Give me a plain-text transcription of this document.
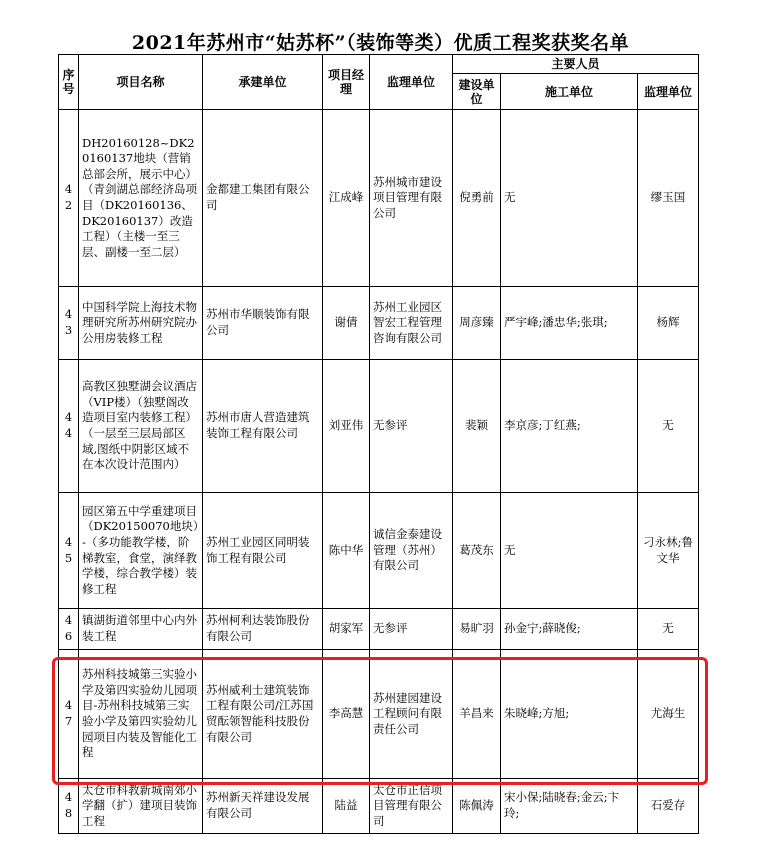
2021年苏州市“姑苏杯”（装饰等类）优质工程奖获奖名单
序号	项目名称	承建单位	项目经理	监理单位	主要人员		
					建设单位	施工单位	监理单位
42	DH20160128~DK20160137地块（营销总部会所，展示中心）（青剑湖总部经济岛项目（DK20160136、DK20160137）改造工程）（主楼一至三层、副楼一至二层）	金都建工集团有限公司	江成峰	苏州城市建设项目管理有限公司	倪勇前	无	缪玉国
43	中国科学院上海技术物理研究所苏州研究院办公用房装修工程	苏州市华顺装饰有限公司	谢倩	苏州工业园区智宏工程管理咨询有限公司	周彦臻	严宇峰;潘忠华;张琪;	杨辉
44	高教区独墅湖会议酒店（VIP楼）（独墅阁改造项目室内装修工程）（一层至三层局部区域,图纸中阴影区域不在本次设计范围内）	苏州市唐人营造建筑装饰工程有限公司	刘亚伟	无参评	裴颖	李京彦;丁红燕;	无
45	园区第五中学重建项目（DK20150070地块）-（多功能教学楼，阶梯教室，食堂，演绎教学楼，综合教学楼）装修工程	苏州工业园区同明装饰工程有限公司	陈中华	诚信金泰建设管理（苏州）有限公司	葛茂东	无	刁永林;鲁文华
46	镇湖街道邻里中心内外装工程	苏州柯利达装饰股份有限公司	胡家军	无参评	易旷羽	孙金宁;薛晓俊;	无
47	苏州科技城第三实验小学及第四实验幼儿园项目-苏州科技城第三实验小学及第四实验幼儿园项目内装及智能化工程	苏州威利士建筑装饰工程有限公司/江苏国贸酝领智能科技股份有限公司	李高慧	苏州建园建设工程顾问有限责任公司	羊昌来	朱晓峰;方旭;	尤海生
48	太仓市科教新城南郊小学翻（扩）建项目装饰工程	苏州新天祥建设发展有限公司	陆益	太仓市正信项目管理有限公司	陈佩涛	宋小保;陆晓春;金云;卞玲;	石爱存
